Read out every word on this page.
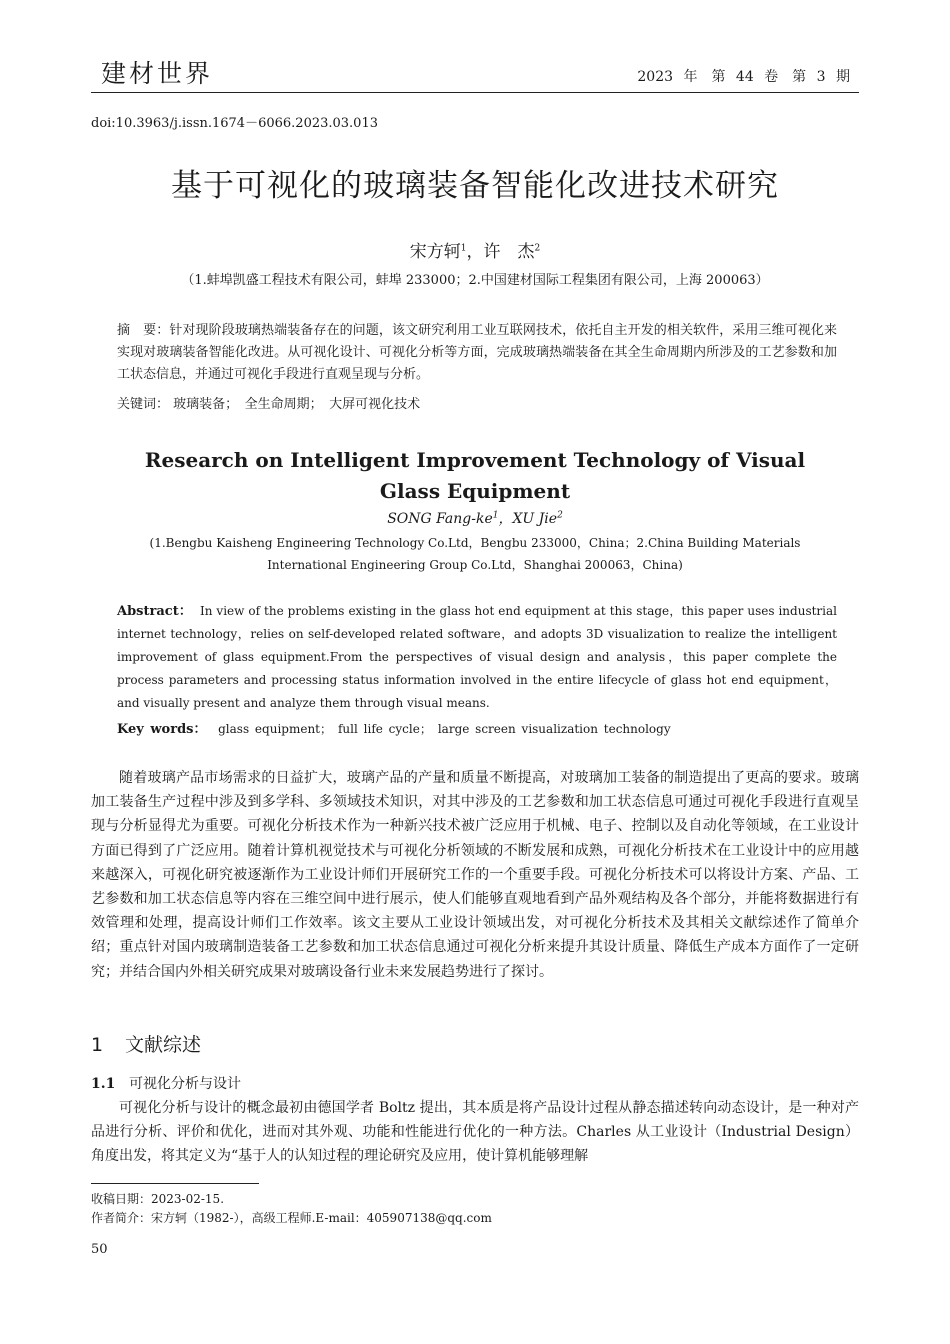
建材世界	2023 年　第 44 卷　第 3 期
doi:10.3963/j.issn.1674－6066.2023.03.013
基于可视化的玻璃装备智能化改进技术研究
宋方轲$^1$，许　杰$^2$
（1.蚌埠凯盛工程技术有限公司，蚌埠 233000；2.中国建材国际工程集团有限公司，上海 200063）
摘　要：针对现阶段玻璃热端装备存在的问题，该文研究利用工业互联网技术，依托自主开发的相关软件，采用三维可视化来实现对玻璃装备智能化改进。从可视化设计、可视化分析等方面，完成玻璃热端装备在其全生命周期内所涉及的工艺参数和加工状态信息，并通过可视化手段进行直观呈现与分析。
关键词： 玻璃装备；　全生命周期；　大屏可视化技术
Research on Intelligent Improvement Technology of Visual
Glass Equipment
SONG Fang-$ke^1$，XU Jie$^2$
(1.Bengbu Kaisheng Engineering Technology Co.Ltd，Bengbu 233000，China；2.China Building Materials
International Engineering Group Co.Ltd，Shanghai 200063，China)
Abstract： In view of the problems existing in the glass hot end equipment at this stage，this paper uses industrial internet technology，relies on self-developed related software，and adopts 3D visualization to realize the intelligent improvement of glass equipment.From the perspectives of visual design and analysis，this paper complete the process parameters and processing status information involved in the entire lifecycle of glass hot end equipment，and visually present and analyze them through visual means.
Key words： glass equipment；　full life cycle；　large screen visualization technology
随着玻璃产品市场需求的日益扩大，玻璃产品的产量和质量不断提高，对玻璃加工装备的制造提出了更高的要求。玻璃加工装备生产过程中涉及到多学科、多领域技术知识，对其中涉及的工艺参数和加工状态信息可通过可视化手段进行直观呈现与分析显得尤为重要。可视化分析技术作为一种新兴技术被广泛应用于机械、电子、控制以及自动化等领域，在工业设计方面已得到了广泛应用。随着计算机视觉技术与可视化分析领域的不断发展和成熟，可视化分析技术在工业设计中的应用越来越深入，可视化研究被逐渐作为工业设计师们开展研究工作的一个重要手段。可视化分析技术可以将设计方案、产品、工艺参数和加工状态信息等内容在三维空间中进行展示，使人们能够直观地看到产品外观结构及各个部分，并能将数据进行有效管理和处理，提高设计师们工作效率。该文主要从工业设计领域出发，对可视化分析技术及其相关文献综述作了简单介绍；重点针对国内玻璃制造装备工艺参数和加工状态信息通过可视化分析来提升其设计质量、降低生产成本方面作了一定研究；并结合国内外相关研究成果对玻璃设备行业未来发展趋势进行了探讨。
1 文献综述
1.1 可视化分析与设计
可视化分析与设计的概念最初由德国学者 Boltz 提出，其本质是将产品设计过程从静态描述转向动态设计，是一种对产品进行分析、评价和优化，进而对其外观、功能和性能进行优化的一种方法。Charles 从工业设计（Industrial Design）角度出发，将其定义为“基于人的认知过程的理论研究及应用，使计算机能够理解
收稿日期：2023-02-15.
作者简介：宋方轲（1982-），高级工程师.E-mail：405907138@qq.com
50
